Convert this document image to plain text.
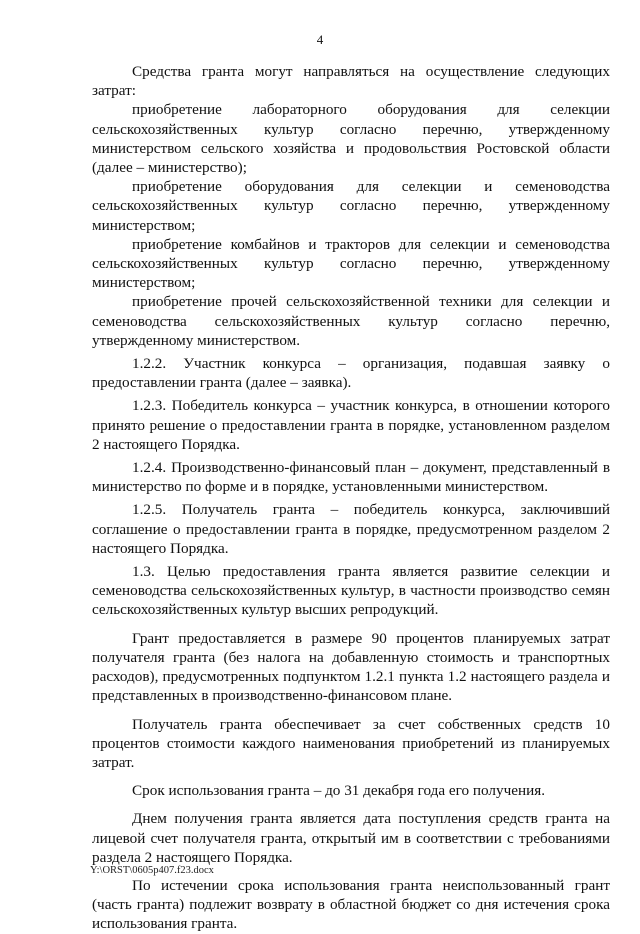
4

Средства гранта могут направляться на осуществление следующих затрат:

приобретение лабораторного оборудования для селекции сельскохозяйственных культур согласно перечню, утвержденному министерством сельского хозяйства и продовольствия Ростовской области (далее – министерство);

приобретение оборудования для селекции и семеноводства сельскохозяйственных культур согласно перечню, утвержденному министерством;

приобретение комбайнов и тракторов для селекции и семеноводства сельскохозяйственных культур согласно перечню, утвержденному министерством;

приобретение прочей сельскохозяйственной техники для селекции и семеноводства сельскохозяйственных культур согласно перечню, утвержденному министерством.

1.2.2. Участник конкурса – организация, подавшая заявку о предоставлении гранта (далее – заявка).

1.2.3. Победитель конкурса – участник конкурса, в отношении которого принято решение о предоставлении гранта в порядке, установленном разделом 2 настоящего Порядка.

1.2.4. Производственно-финансовый план – документ, представленный в министерство по форме и в порядке, установленными министерством.

1.2.5. Получатель гранта – победитель конкурса, заключивший соглашение о предоставлении гранта в порядке, предусмотренном разделом 2 настоящего Порядка.

1.3. Целью предоставления гранта является развитие селекции и семеноводства сельскохозяйственных культур, в частности производство семян сельскохозяйственных культур высших репродукций.

Грант предоставляется в размере 90 процентов планируемых затрат получателя гранта (без налога на добавленную стоимость и транспортных расходов), предусмотренных подпунктом 1.2.1 пункта 1.2 настоящего раздела и представленных в производственно-финансовом плане.

Получатель гранта обеспечивает за счет собственных средств 10 процентов стоимости каждого наименования приобретений из планируемых затрат.

Срок использования гранта – до 31 декабря года его получения.

Днем получения гранта является дата поступления средств гранта на лицевой счет получателя гранта, открытый им в соответствии с требованиями раздела 2 настоящего Порядка.

По истечении срока использования гранта неиспользованный грант (часть гранта) подлежит возврату в областной бюджет со дня истечения срока использования гранта.

Y:\ORST\0605p407.f23.docx
